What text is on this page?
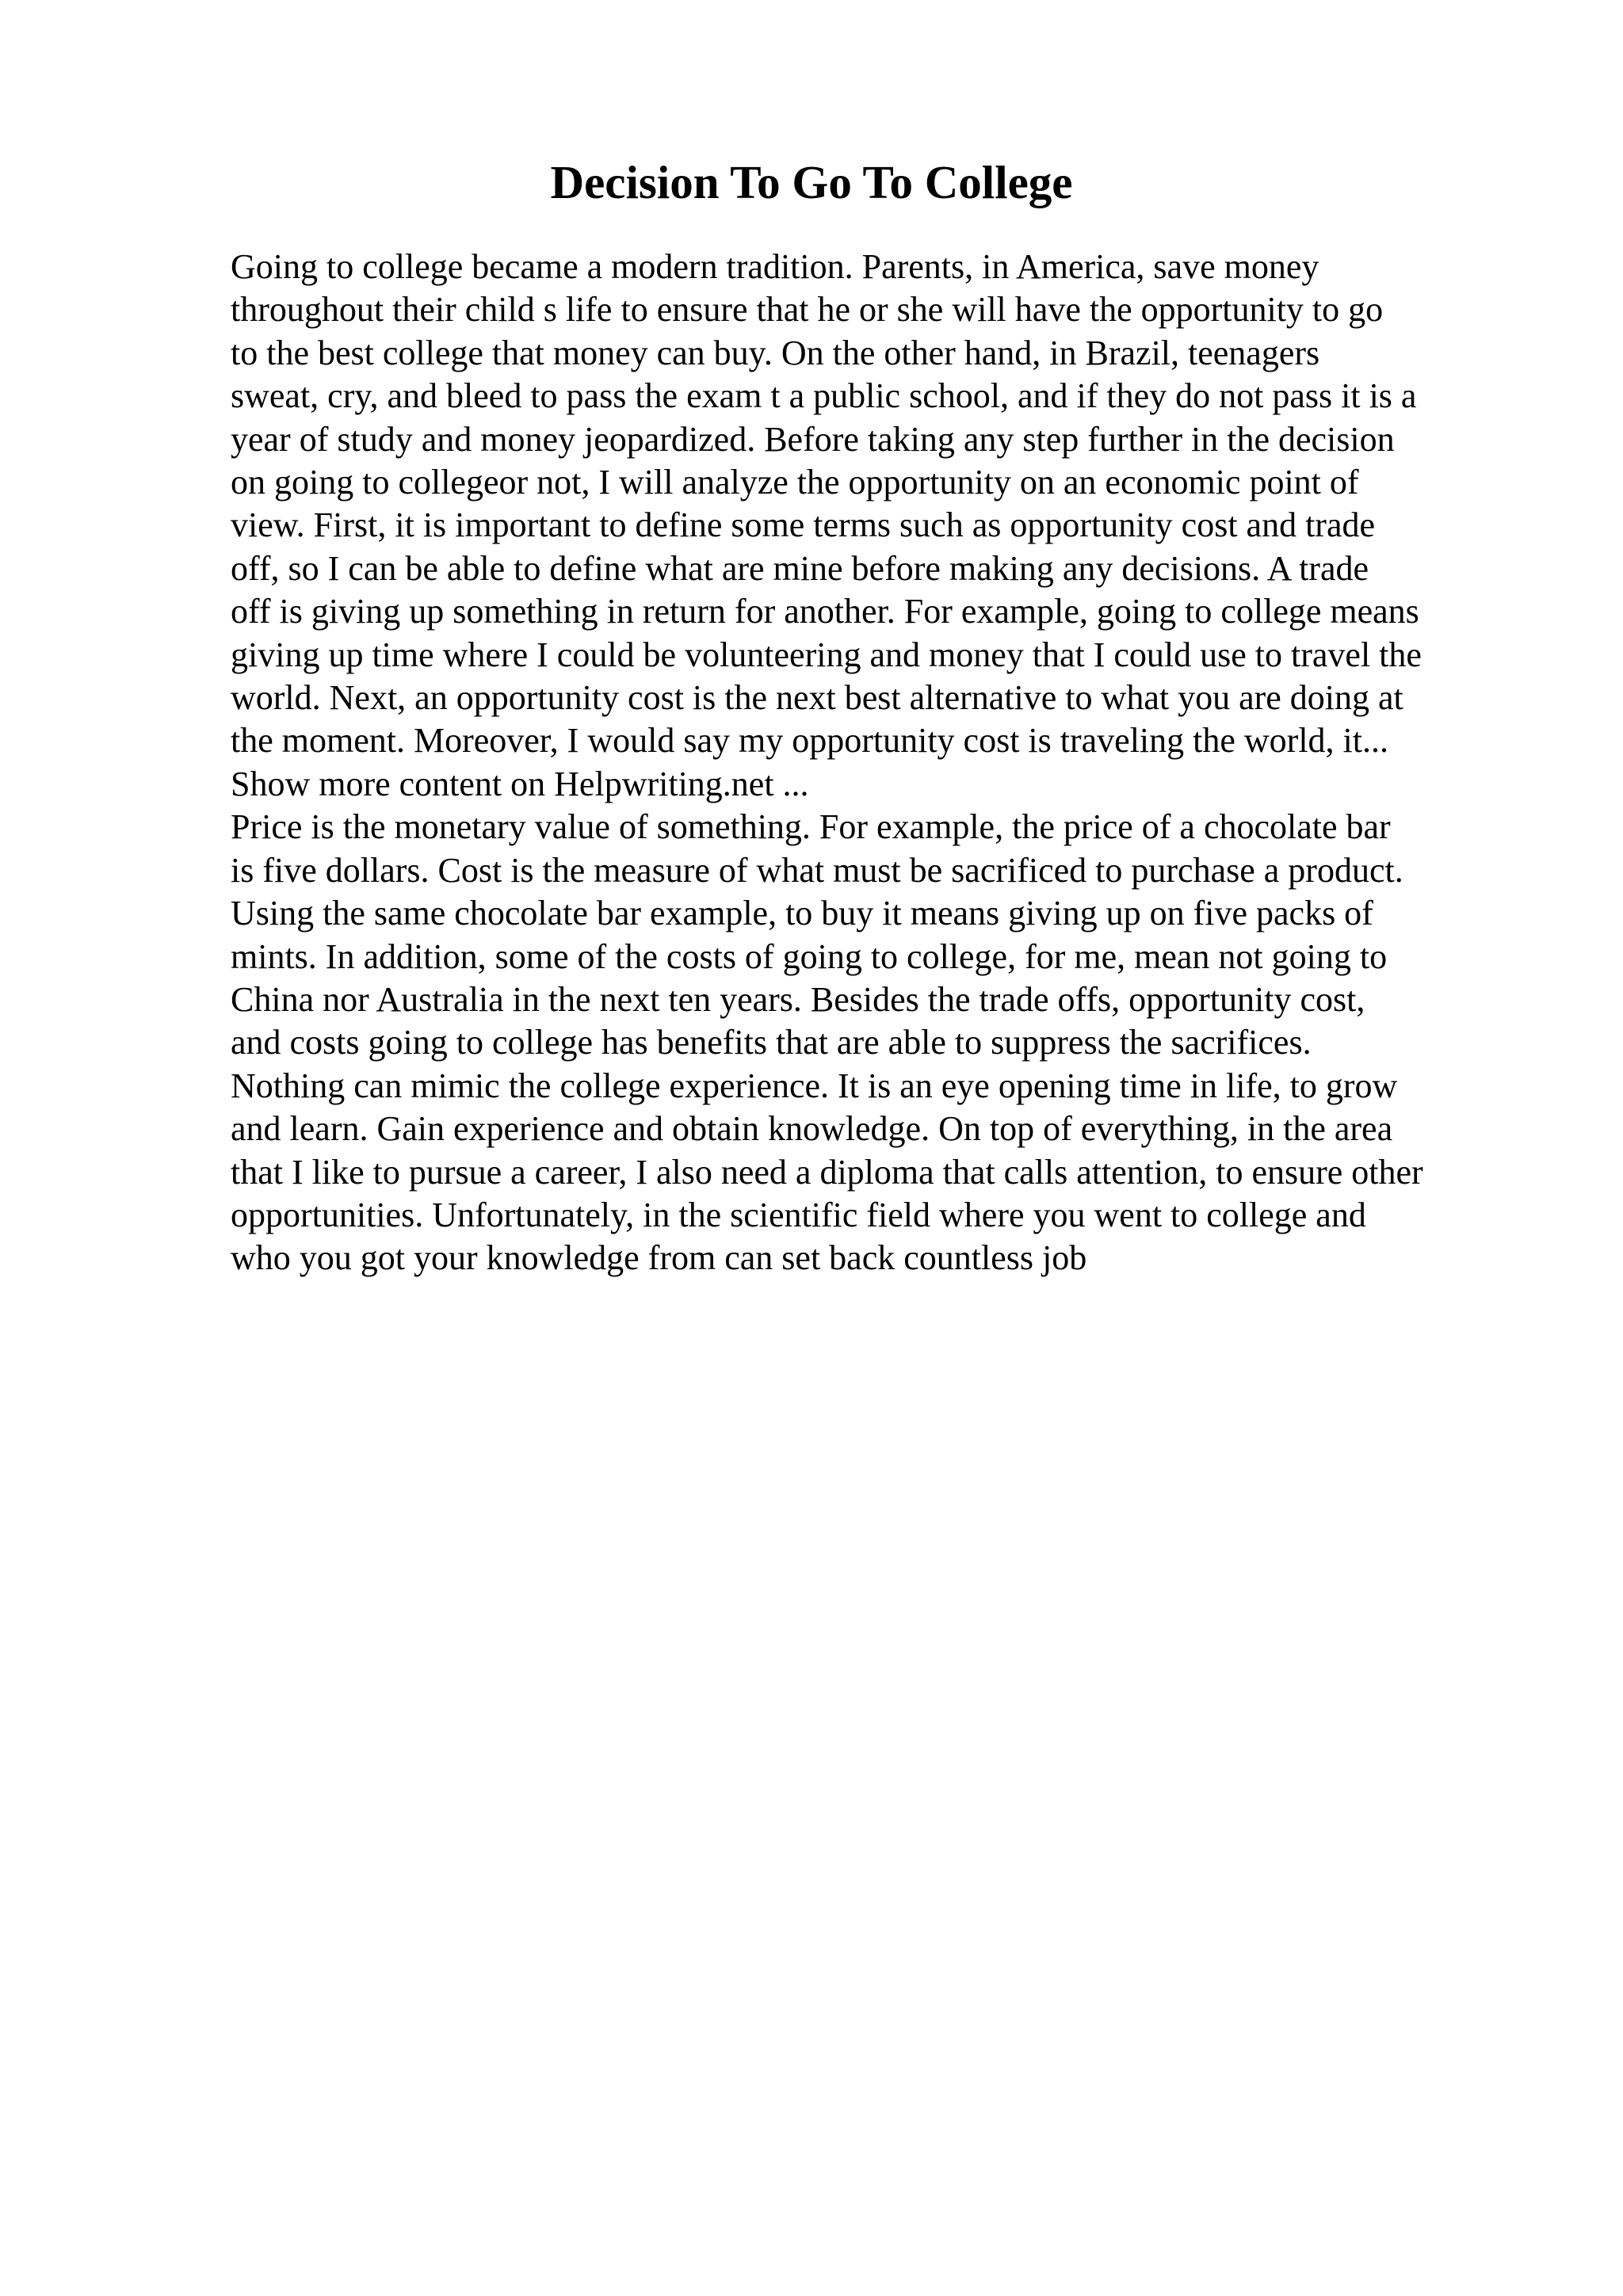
Decision To Go To College
Going to college became a modern tradition. Parents, in America, save money
throughout their child s life to ensure that he or she will have the opportunity to go
to the best college that money can buy. On the other hand, in Brazil, teenagers
sweat, cry, and bleed to pass the exam t a public school, and if they do not pass it is a
year of study and money jeopardized. Before taking any step further in the decision
on going to collegeor not, I will analyze the opportunity on an economic point of
view. First, it is important to define some terms such as opportunity cost and trade
off, so I can be able to define what are mine before making any decisions. A trade
off is giving up something in return for another. For example, going to college means
giving up time where I could be volunteering and money that I could use to travel the
world. Next, an opportunity cost is the next best alternative to what you are doing at
the moment. Moreover, I would say my opportunity cost is traveling the world, it...
Show more content on Helpwriting.net ...
Price is the monetary value of something. For example, the price of a chocolate bar
is five dollars. Cost is the measure of what must be sacrificed to purchase a product.
Using the same chocolate bar example, to buy it means giving up on five packs of
mints. In addition, some of the costs of going to college, for me, mean not going to
China nor Australia in the next ten years. Besides the trade offs, opportunity cost,
and costs going to college has benefits that are able to suppress the sacrifices.
Nothing can mimic the college experience. It is an eye opening time in life, to grow
and learn. Gain experience and obtain knowledge. On top of everything, in the area
that I like to pursue a career, I also need a diploma that calls attention, to ensure other
opportunities. Unfortunately, in the scientific field where you went to college and
who you got your knowledge from can set back countless job
